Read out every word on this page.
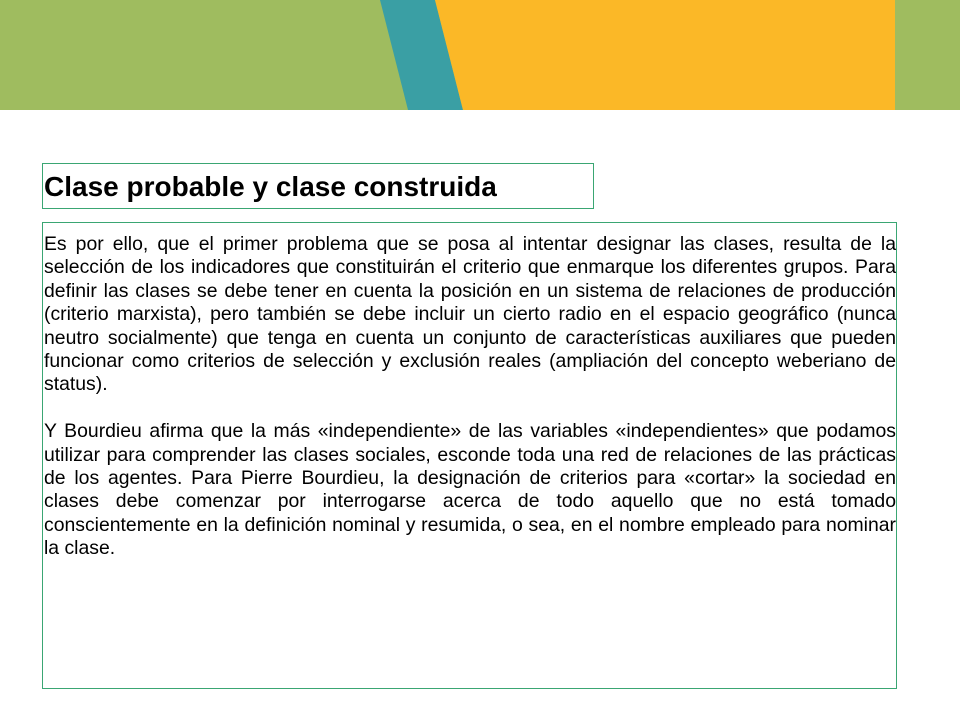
Clase probable y clase construida

Es por ello, que el primer problema que se posa al intentar designar las clases, resulta de la selección de los indicadores que constituirán el criterio que enmarque los diferentes grupos. Para definir las clases se debe tener en cuenta la posición en un sistema de relaciones de producción (criterio marxista), pero también se debe incluir un cierto radio en el espacio geográfico (nunca neutro socialmente) que tenga en cuenta un conjunto de características auxiliares que pueden funcionar como criterios de selección y exclusión reales (ampliación del concepto weberiano de status).

Y Bourdieu afirma que la más «independiente» de las variables «independientes» que podamos utilizar para comprender las clases sociales, esconde toda una red de relaciones de las prácticas de los agentes. Para Pierre Bourdieu, la designación de criterios para «cortar» la sociedad en clases debe comenzar por interrogarse acerca de todo aquello que no está tomado conscientemente en la definición nominal y resumida, o sea, en el nombre empleado para nominar la clase.
